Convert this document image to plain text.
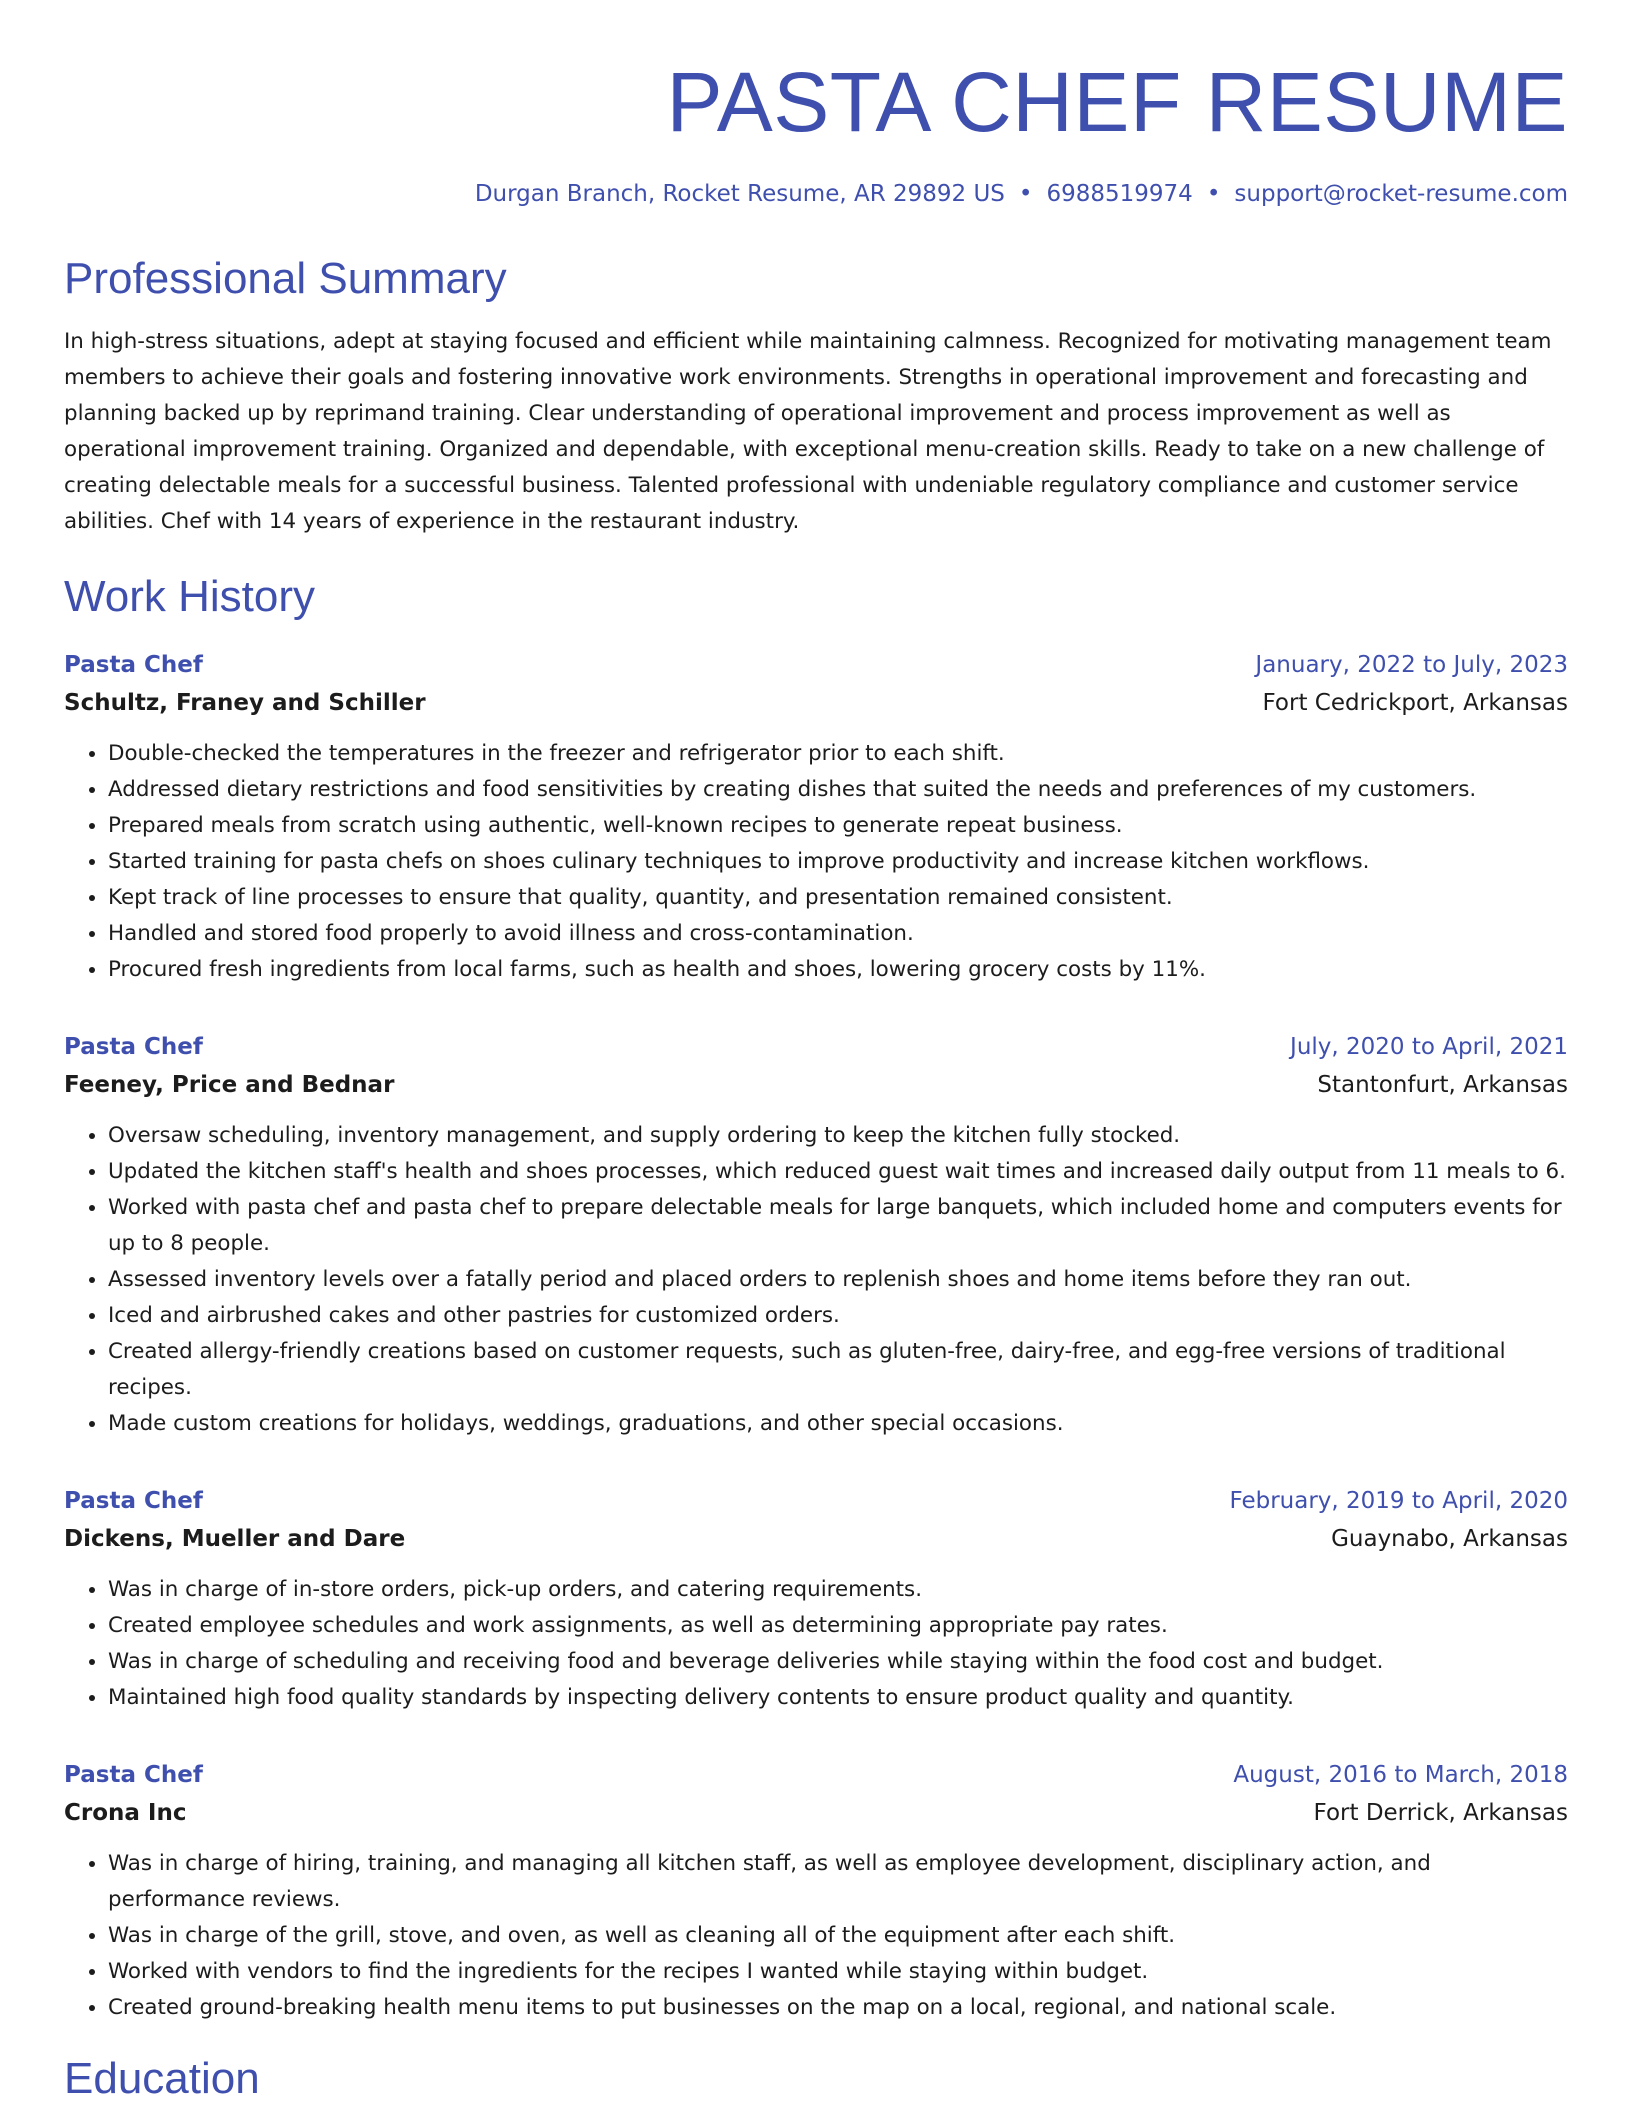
PASTA CHEF RESUME
Durgan Branch, Rocket Resume, AR 29892 US • 6988519974 • support@rocket-resume.com
Professional Summary

In high-stress situations, adept at staying focused and efficient while maintaining calmness. Recognized for motivating management team members to achieve their goals and fostering innovative work environments. Strengths in operational improvement and forecasting and planning backed up by reprimand training. Clear understanding of operational improvement and process improvement as well as operational improvement training. Organized and dependable, with exceptional menu-creation skills. Ready to take on a new challenge of creating delectable meals for a successful business. Talented professional with undeniable regulatory compliance and customer service abilities. Chef with 14 years of experience in the restaurant industry.

Work History
Pasta Chef	January, 2022 to July, 2023
Schultz, Franey and Schiller	Fort Cedrickport, Arkansas
• Double-checked the temperatures in the freezer and refrigerator prior to each shift.
• Addressed dietary restrictions and food sensitivities by creating dishes that suited the needs and preferences of my customers.
• Prepared meals from scratch using authentic, well-known recipes to generate repeat business.
• Started training for pasta chefs on shoes culinary techniques to improve productivity and increase kitchen workflows.
• Kept track of line processes to ensure that quality, quantity, and presentation remained consistent.
• Handled and stored food properly to avoid illness and cross-contamination.
• Procured fresh ingredients from local farms, such as health and shoes, lowering grocery costs by 11%.
Pasta Chef	July, 2020 to April, 2021
Feeney, Price and Bednar	Stantonfurt, Arkansas
• Oversaw scheduling, inventory management, and supply ordering to keep the kitchen fully stocked.
• Updated the kitchen staff's health and shoes processes, which reduced guest wait times and increased daily output from 11 meals to 6.
• Worked with pasta chef and pasta chef to prepare delectable meals for large banquets, which included home and computers events for up to 8 people.
• Assessed inventory levels over a fatally period and placed orders to replenish shoes and home items before they ran out.
• Iced and airbrushed cakes and other pastries for customized orders.
• Created allergy-friendly creations based on customer requests, such as gluten-free, dairy-free, and egg-free versions of traditional recipes.
• Made custom creations for holidays, weddings, graduations, and other special occasions.
Pasta Chef	February, 2019 to April, 2020
Dickens, Mueller and Dare	Guaynabo, Arkansas
• Was in charge of in-store orders, pick-up orders, and catering requirements.
• Created employee schedules and work assignments, as well as determining appropriate pay rates.
• Was in charge of scheduling and receiving food and beverage deliveries while staying within the food cost and budget.
• Maintained high food quality standards by inspecting delivery contents to ensure product quality and quantity.
Pasta Chef	August, 2016 to March, 2018
Crona Inc	Fort Derrick, Arkansas
• Was in charge of hiring, training, and managing all kitchen staff, as well as employee development, disciplinary action, and performance reviews.
• Was in charge of the grill, stove, and oven, as well as cleaning all of the equipment after each shift.
• Worked with vendors to find the ingredients for the recipes I wanted while staying within budget.
• Created ground-breaking health menu items to put businesses on the map on a local, regional, and national scale.
Education
